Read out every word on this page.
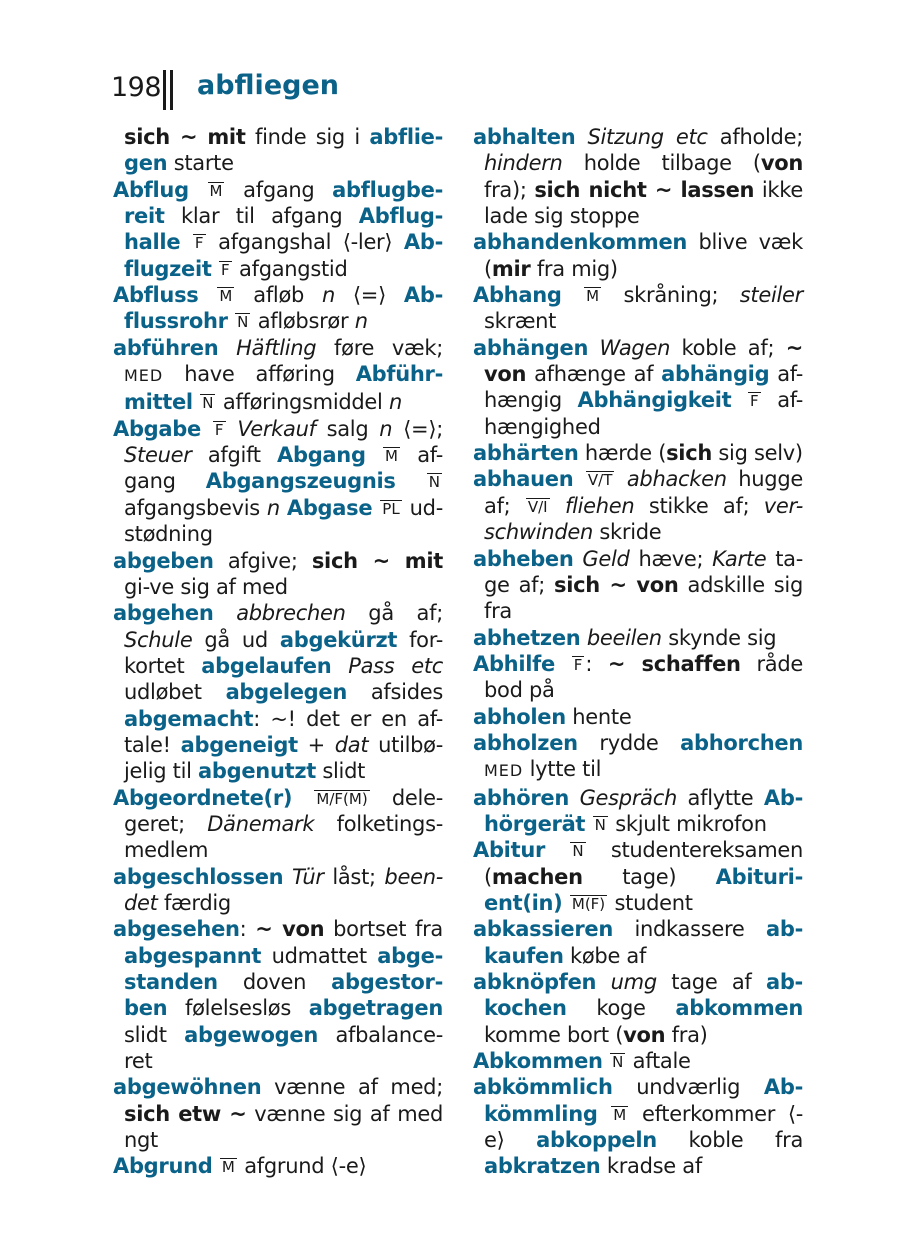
198 abfliegen

sich ~ mit finde sig i abflie-gen starte

Abflug M afgang abflugbe-reit klar til afgang Abflug-halle F afgangshal ⟨-ler⟩ Ab-flugzeit F afgangstid

Abfluss M afløb n ⟨=⟩ Ab-flussrohr N afløbsrør n

abführen Häftling føre væk; MED have afføring Abführ-mittel N afføringsmiddel n

Abgabe F Verkauf salg n ⟨=⟩; Steuer afgift Abgang M af-gang Abgangszeugnis N afgangsbevis n Abgase PL ud-stødning

abgeben afgive; sich ~ mit gi-ve sig af med

abgehen abbrechen gå af; Schule gå ud abgekürzt for-kortet abgelaufen Pass etc udløbet abgelegen afsides abgemacht: ~! det er en af-tale! abgeneigt + dat utilbø-jelig til abgenutzt slidt

Abgeordnete(r) M/F(M) dele-geret; Dänemark folketings-medlem

abgeschlossen Tür låst; been-det færdig

abgesehen: ~ von bortset fra abgespannt udmattet abge-standen doven abgestor-ben følelsesløs abgetragen slidt abgewogen afbalance-ret

abgewöhnen vænne af med; sich etw ~ vænne sig af med ngt

Abgrund M afgrund ⟨-e⟩

abhalten Sitzung etc afholde; hindern holde tilbage (von fra); sich nicht ~ lassen ikke lade sig stoppe

abhandenkommen blive væk (mir fra mig)

Abhang M skråning; steiler skrænt

abhängen Wagen koble af; ~ von afhænge af abhängig af-hængig Abhängigkeit F af-hængighed

abhärten hærde (sich sig selv)

abhauen V/T abhacken hugge af; V/I fliehen stikke af; ver-schwinden skride

abheben Geld hæve; Karte ta-ge af; sich ~ von adskille sig fra

abhetzen beeilen skynde sig

Abhilfe F : ~ schaffen råde bod på

abholen hente

abholzen rydde abhorchen MED lytte til

abhören Gespräch aflytte Ab-hörgerät N skjult mikrofon

Abitur N studentereksamen (machen tage) Abituri-ent(in) M(F) student

abkassieren indkassere ab-kaufen købe af

abknöpfen umg tage af ab-kochen koge abkommen komme bort (von fra)

Abkommen N aftale

abkömmlich undværlig Ab-kömmling M efterkommer ⟨-e⟩ abkoppeln koble fra abkratzen kradse af
